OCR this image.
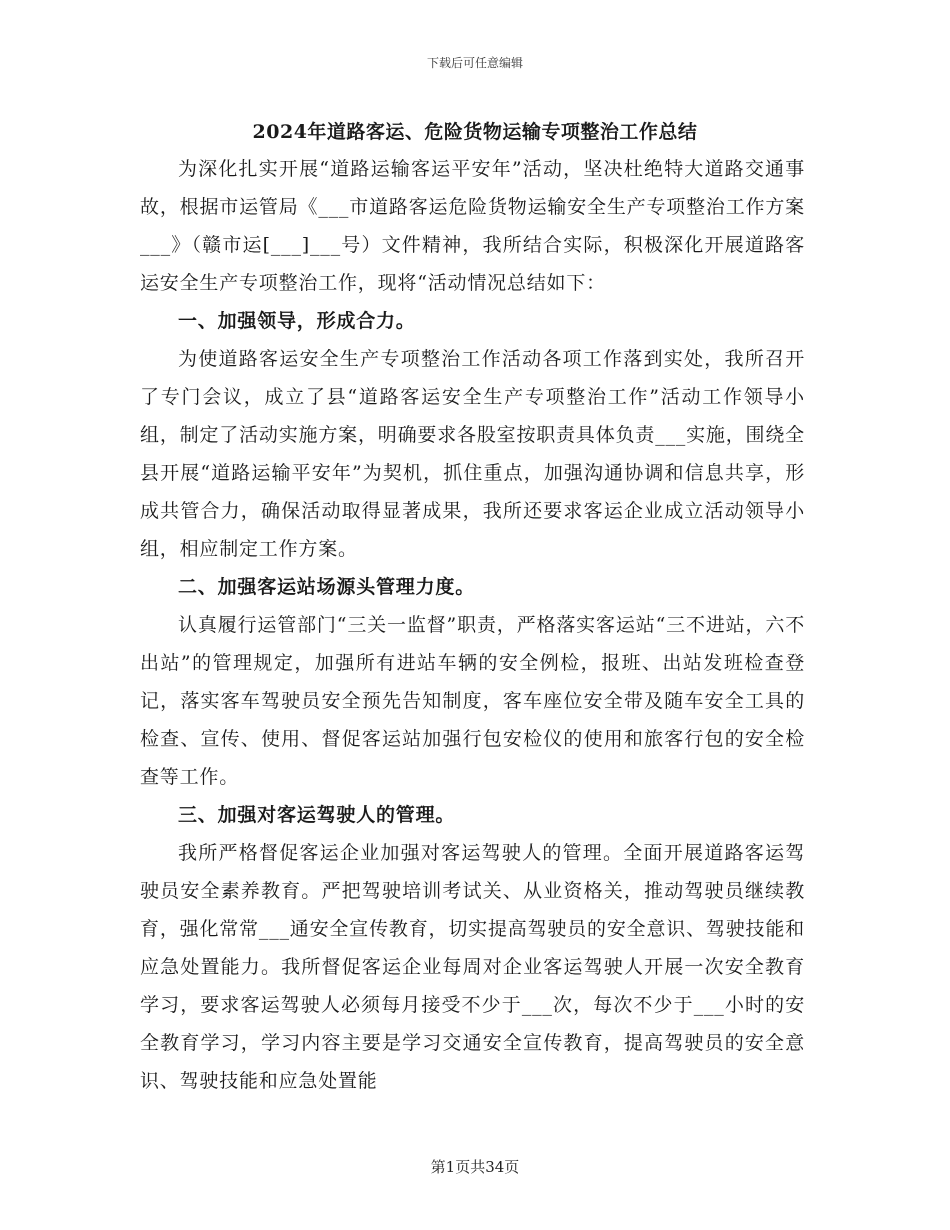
下载后可任意编辑
2024年道路客运、危险货物运输专项整治工作总结

为深化扎实开展“道路运输客运平安年”活动，坚决杜绝特大道路交通事故，根据市运管局《___市道路客运危险货物运输安全生产专项整治工作方案___》（赣市运[___]___号）文件精神，我所结合实际，积极深化开展道路客运安全生产专项整治工作，现将“活动情况总结如下：

一、加强领导，形成合力。

为使道路客运安全生产专项整治工作活动各项工作落到实处，我所召开了专门会议，成立了县“道路客运安全生产专项整治工作”活动工作领导小组，制定了活动实施方案，明确要求各股室按职责具体负责___实施，围绕全县开展“道路运输平安年”为契机，抓住重点，加强沟通协调和信息共享，形成共管合力，确保活动取得显著成果，我所还要求客运企业成立活动领导小组，相应制定工作方案。

二、加强客运站场源头管理力度。

认真履行运管部门“三关一监督”职责，严格落实客运站“三不进站，六不出站”的管理规定，加强所有进站车辆的安全例检，报班、出站发班检查登记，落实客车驾驶员安全预先告知制度，客车座位安全带及随车安全工具的检查、宣传、使用、督促客运站加强行包安检仪的使用和旅客行包的安全检查等工作。

三、加强对客运驾驶人的管理。

我所严格督促客运企业加强对客运驾驶人的管理。全面开展道路客运驾驶员安全素养教育。严把驾驶培训考试关、从业资格关，推动驾驶员继续教育，强化常常___通安全宣传教育，切实提高驾驶员的安全意识、驾驶技能和应急处置能力。我所督促客运企业每周对企业客运驾驶人开展一次安全教育学习，要求客运驾驶人必须每月接受不少于___次，每次不少于___小时的安全教育学习，学习内容主要是学习交通安全宣传教育，提高驾驶员的安全意识、驾驶技能和应急处置能

第1页共34页
